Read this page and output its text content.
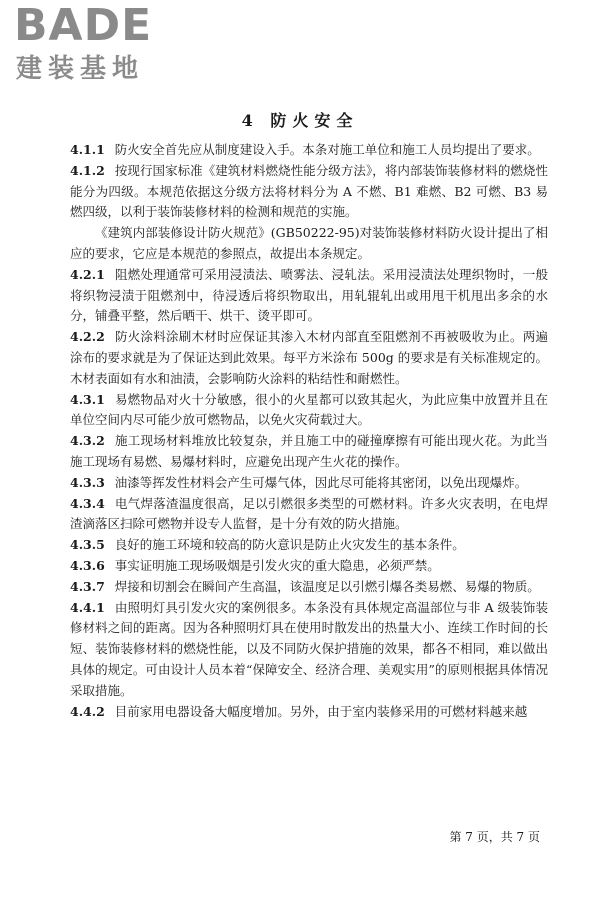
BADE
建装基地
4 防火安全

4.1.1 防火安全首先应从制度建设入手。本条对施工单位和施工人员均提出了要求。

4.1.2 按现行国家标准《建筑材料燃烧性能分级方法》，将内部装饰装修材料的燃烧性能分为四级。本规范依据这分级方法将材料分为 A 不燃、B1 难燃、B2 可燃、B3 易燃四级，以利于装饰装修材料的检测和规范的实施。

《建筑内部装修设计防火规范》(GB50222-95)对装饰装修材料防火设计提出了相应的要求，它应是本规范的参照点，故提出本条规定。

4.2.1 阻燃处理通常可采用浸渍法、喷雾法、浸轧法。采用浸渍法处理织物时，一般将织物浸渍于阻燃剂中，待浸透后将织物取出，用轧辊轧出或用甩干机甩出多余的水分，铺叠平整，然后晒干、烘干、烫平即可。

4.2.2 防火涂料涂刷木材时应保证其渗入木材内部直至阻燃剂不再被吸收为止。两遍涂布的要求就是为了保证达到此效果。每平方米涂布 500g 的要求是有关标准规定的。木材表面如有水和油渍，会影响防火涂料的粘结性和耐燃性。

4.3.1 易燃物品对火十分敏感，很小的火星都可以致其起火，为此应集中放置并且在单位空间内尽可能少放可燃物品，以免火灾荷载过大。

4.3.2 施工现场材料堆放比较复杂，并且施工中的碰撞摩擦有可能出现火花。为此当施工现场有易燃、易爆材料时，应避免出现产生火花的操作。

4.3.3 油漆等挥发性材料会产生可爆气体，因此尽可能将其密闭，以免出现爆炸。

4.3.4 电气焊落渣温度很高，足以引燃很多类型的可燃材料。许多火灾表明，在电焊渣滴落区扫除可燃物并设专人监督，是十分有效的防火措施。

4.3.5 良好的施工环境和较高的防火意识是防止火灾发生的基本条件。

4.3.6 事实证明施工现场吸烟是引发火灾的重大隐患，必须严禁。

4.3.7 焊接和切割会在瞬间产生高温，该温度足以引燃引爆各类易燃、易爆的物质。

4.4.1 由照明灯具引发火灾的案例很多。本条没有具体规定高温部位与非 A 级装饰装修材料之间的距离。因为各种照明灯具在使用时散发出的热量大小、连续工作时间的长短、装饰装修材料的燃烧性能，以及不同防火保护措施的效果，都各不相同，难以做出具体的规定。可由设计人员本着“保障安全、经济合理、美观实用”的原则根据具体情况采取措施。

4.4.2 目前家用电器设备大幅度增加。另外，由于室内装修采用的可燃材料越来越

第 7 页，共 7 页
